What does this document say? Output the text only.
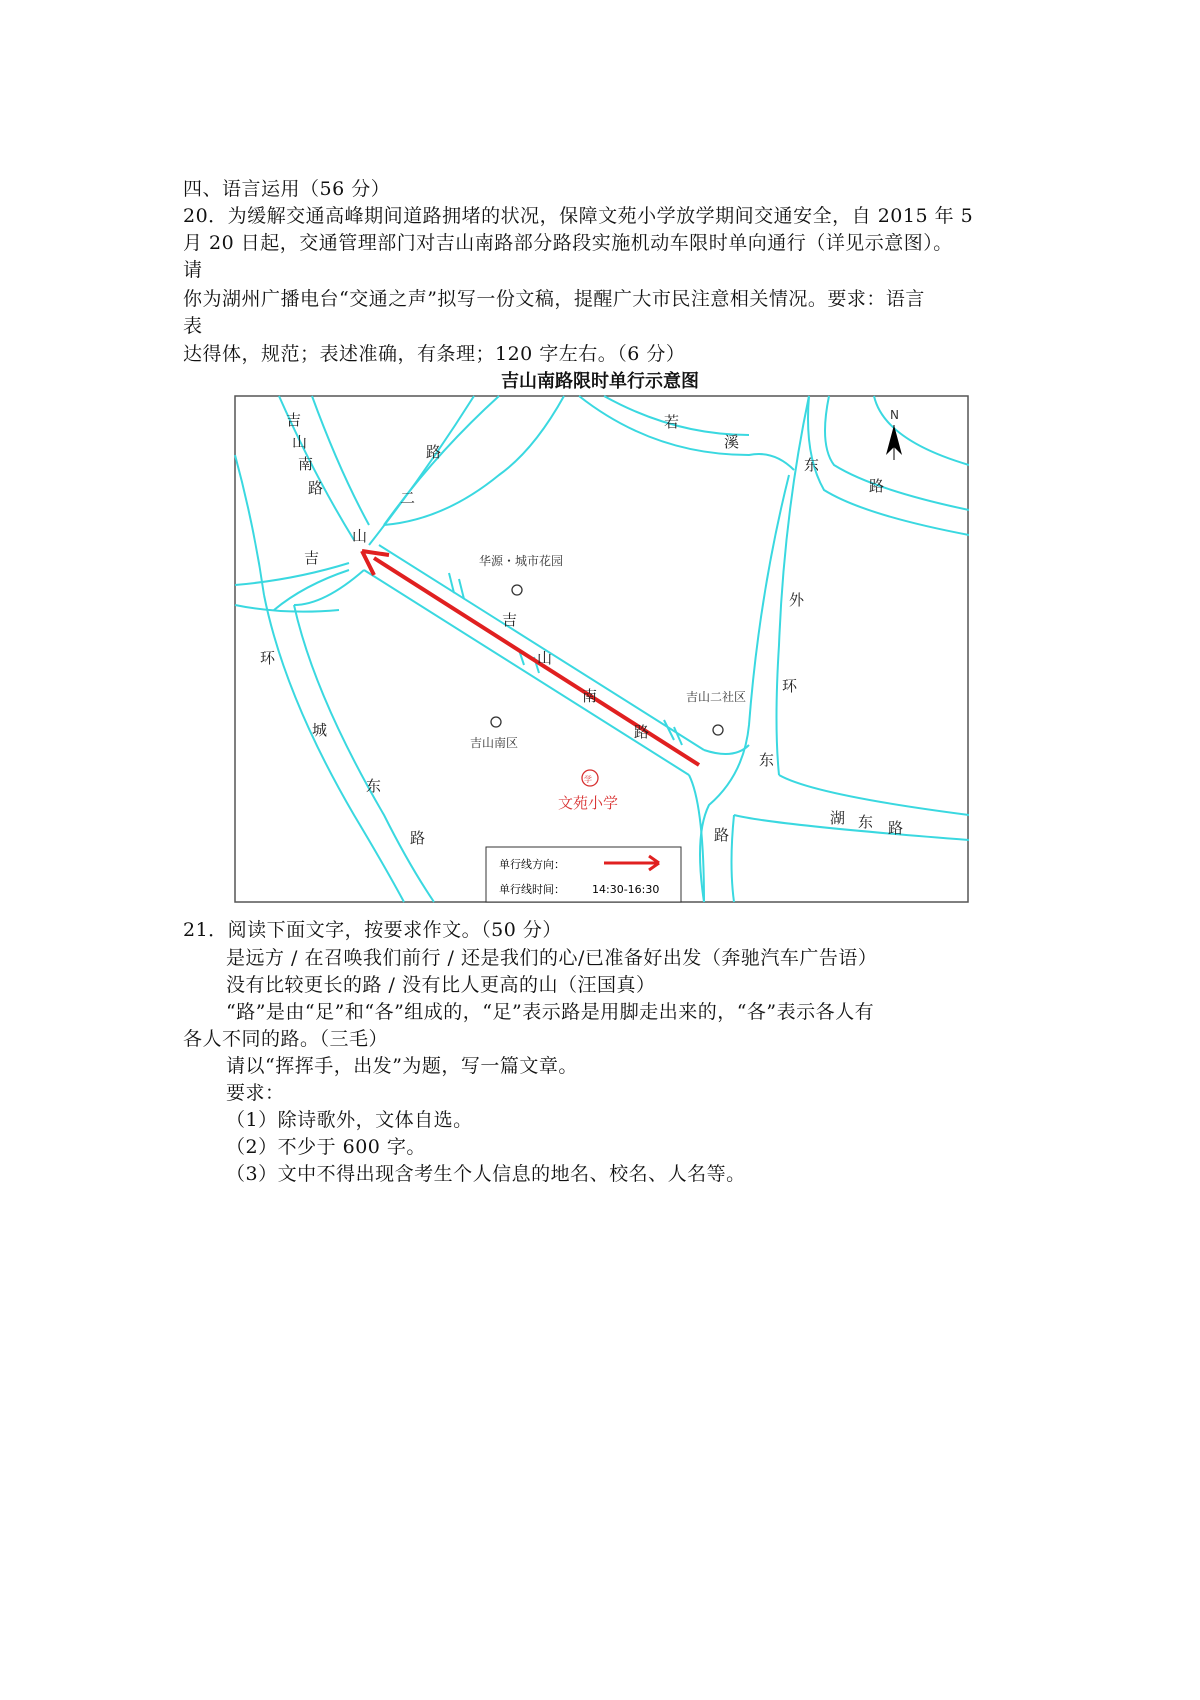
四、语言运用（56 分）
20．为缓解交通高峰期间道路拥堵的状况，保障文苑小学放学期间交通安全，自 2015 年 5
月 20 日起，交通管理部门对吉山南路部分路段实施机动车限时单向通行（详见示意图）。
请
你为湖州广播电台“交通之声”拟写一份文稿，提醒广大市民注意相关情况。要求：语言
表
达得体，规范；表述准确，有条理；120 字左右。（6 分）
吉山南路限时单行示意图
N
吉
山
南
路
路
二
山
吉
若
溪
东
路
外
环
东
路
吉
山
南
路
环
城
东
路
湖 东 路
华源・城市花园
吉山二社区
吉山南区
学
文苑小学
单行线方向：
单行线时间： 14:30-16:30
21．阅读下面文字，按要求作文。（50 分）
是远方 / 在召唤我们前行 / 还是我们的心/已准备好出发（奔驰汽车广告语）
没有比较更长的路 / 没有比人更高的山（汪国真）
“路”是由“足”和“各”组成的，“足”表示路是用脚走出来的，“各”表示各人有
各人不同的路。（三毛）
请以“挥挥手，出发”为题，写一篇文章。
要求：
（1）除诗歌外，文体自选。
（2）不少于 600 字。
（3）文中不得出现含考生个人信息的地名、校名、人名等。
